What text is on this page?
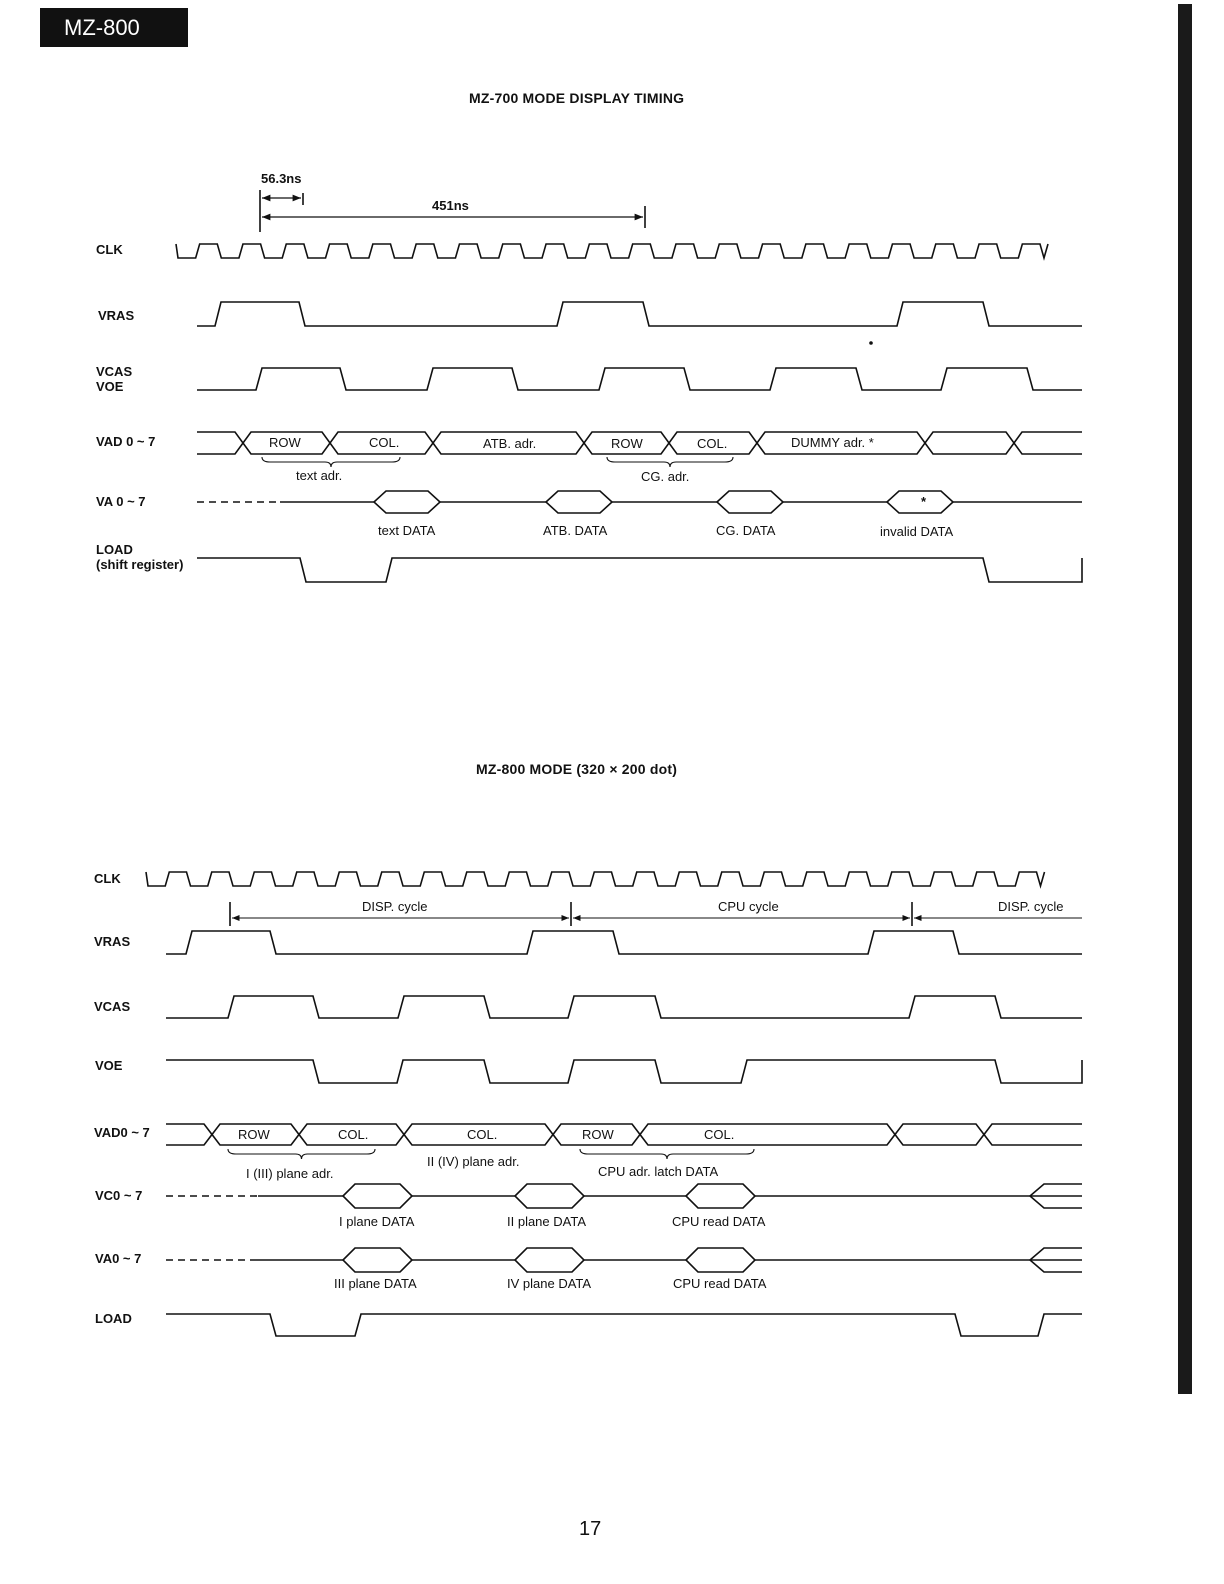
MZ-800
MZ-700 MODE DISPLAY TIMING
56.3ns
451ns
CLK
VRAS
VCAS
VOE
VAD 0 ~ 7
VA 0 ~ 7
LOAD
(shift register)
ROW	COL.	ATB. adr.	ROW	COL.	DUMMY adr. *
text adr.	CG. adr.
text DATA	ATB. DATA	CG. DATA	invalid DATA
*
MZ-800 MODE (320 × 200 dot)
CLK
VRAS
VCAS
VOE
VAD0 ~ 7
VC0 ~ 7
VA0 ~ 7
LOAD
DISP. cycle	CPU cycle	DISP. cycle
ROW	COL.	COL.	ROW	COL.
I (III) plane adr.
II (IV) plane adr.
CPU adr. latch DATA
I plane DATA	II plane DATA	CPU read DATA
III plane DATA	IV plane DATA	CPU read DATA
17
